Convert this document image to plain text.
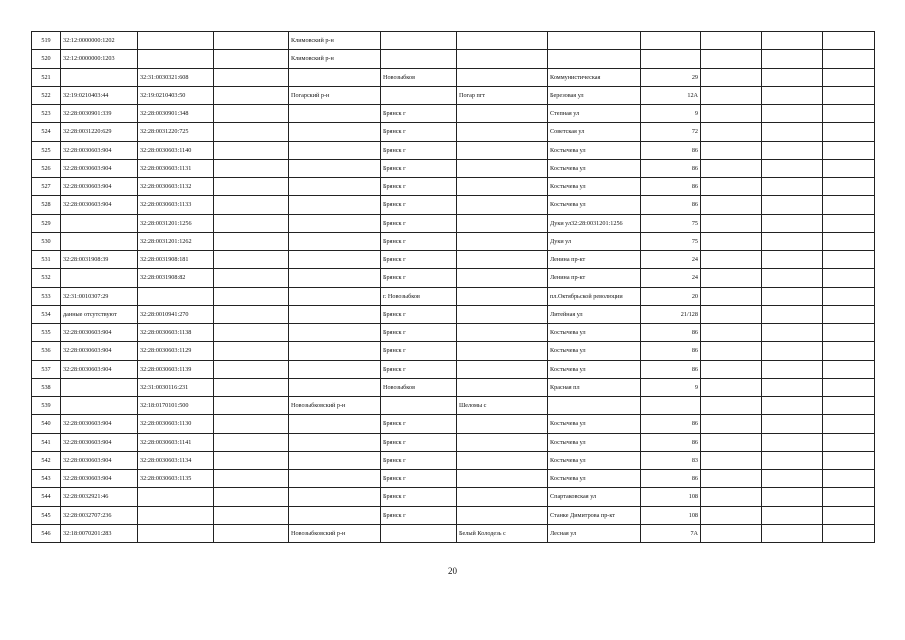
519	32:12:0000000:1202			Климовский р-н							
520	32:12:0000000:1203			Климовский р-н							
521		32:31:0030321:608			Новозыбков		Коммунистическая	29			
522	32:19:0210403:44	32:19:0210403:50		Погарский р-н		Погар пгт	Березовая ул	12А			
523	32:28:0030901:339	32:28:0030901:348			Брянск г		Степная ул	9			
524	32:28:0031220:629	32:28:0031220:725			Брянск г		Советская ул	72			
525	32:28:0030603:904	32:28:0030603:1140			Брянск г		Костычева ул	86			
526	32:28:0030603:904	32:28:0030603:1131			Брянск г		Костычева ул	86			
527	32:28:0030603:904	32:28:0030603:1132			Брянск г		Костычева ул	86			
528	32:28:0030603:904	32:28:0030603:1133			Брянск г		Костычева ул	86			
529		32:28:0031201:1256			Брянск г		Дуки ул32:28:0031201:1256	75			
530		32:28:0031201:1262			Брянск г		Дуки ул	75			
531	32:28:0031908:39	32:28:0031908:181			Брянск г		Ленина пр-кт	24			
532		32:28:0031908:82			Брянск г		Ленина пр-кт	24			
533	32:31:0010307:29				г. Новозыбков		пл.Октябрьской революции	20			
534	данные отсутствуют	32:28:0010941:270			Брянск г		Литейная ул	21/128			
535	32:28:0030603:904	32:28:0030603:1138			Брянск г		Костычева ул	86			
536	32:28:0030603:904	32:28:0030603:1129			Брянск г		Костычева ул	86			
537	32:28:0030603:904	32:28:0030603:1139			Брянск г		Костычева ул	86			
538		32:31:0030116:231			Новозыбков		Красная пл	9			
539		32:18:0170101:500		Новозыбковский р-н		Шеломы с					
540	32:28:0030603:904	32:28:0030603:1130			Брянск г		Костычева ул	86			
541	32:28:0030603:904	32:28:0030603:1141			Брянск г		Костычева ул	86			
542	32:28:0030603:904	32:28:0030603:1134			Брянск г		Костычева ул	83			
543	32:28:0030603:904	32:28:0030603:1135			Брянск г		Костычева ул	86			
544	32:28:0032921:46				Брянск г		Спартаковская ул	108			
545	32:28:0032707:236				Брянск г		Станке Димитрова пр-кт	108			
546	32:18:0070201:283			Новозыбковский р-н		Белый Колодезь с	Лесная ул	7А			
20
